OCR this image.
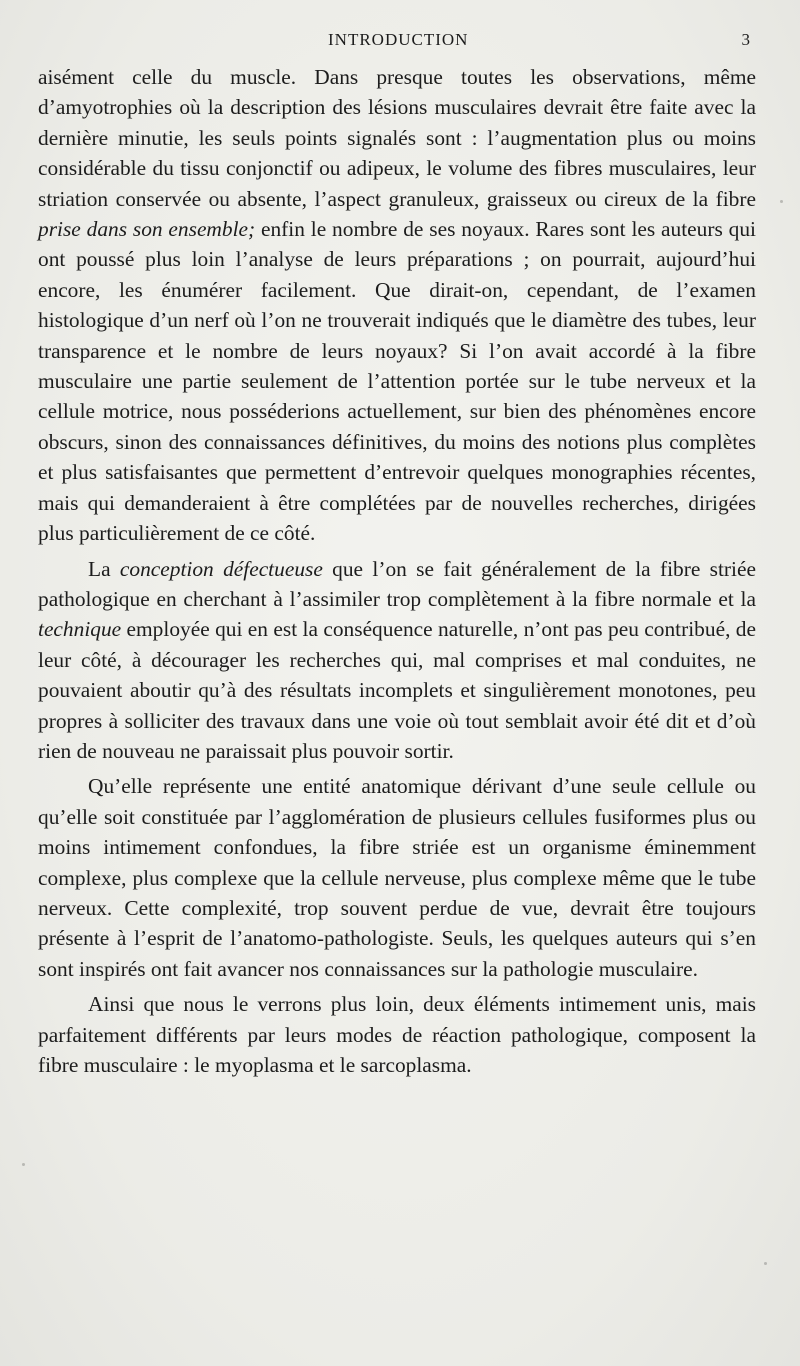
INTRODUCTION	3

aisément celle du muscle. Dans presque toutes les observations, même d’amyotrophies où la description des lésions musculaires devrait être faite avec la dernière minutie, les seuls points signalés sont : l’augmentation plus ou moins considérable du tissu conjonctif ou adipeux, le volume des fibres musculaires, leur striation conservée ou absente, l’aspect granuleux, graisseux ou cireux de la fibre prise dans son ensemble; enfin le nombre de ses noyaux. Rares sont les auteurs qui ont poussé plus loin l’analyse de leurs préparations ; on pourrait, aujourd’hui encore, les énumérer facilement. Que dirait-on, cependant, de l’examen histologique d’un nerf où l’on ne trouverait indiqués que le diamètre des tubes, leur transparence et le nombre de leurs noyaux? Si l’on avait accordé à la fibre musculaire une partie seulement de l’attention portée sur le tube nerveux et la cellule motrice, nous posséderions actuellement, sur bien des phénomènes encore obscurs, sinon des connaissances définitives, du moins des notions plus complètes et plus satisfaisantes que permettent d’entrevoir quelques monographies récentes, mais qui demanderaient à être complétées par de nouvelles recherches, dirigées plus particulièrement de ce côté.

La conception défectueuse que l’on se fait généralement de la fibre striée pathologique en cherchant à l’assimiler trop complètement à la fibre normale et la technique employée qui en est la conséquence naturelle, n’ont pas peu contribué, de leur côté, à décourager les recherches qui, mal comprises et mal conduites, ne pouvaient aboutir qu’à des résultats incomplets et singulièrement monotones, peu propres à solliciter des travaux dans une voie où tout semblait avoir été dit et d’où rien de nouveau ne paraissait plus pouvoir sortir.

Qu’elle représente une entité anatomique dérivant d’une seule cellule ou qu’elle soit constituée par l’agglomération de plusieurs cellules fusiformes plus ou moins intimement confondues, la fibre striée est un organisme éminemment complexe, plus complexe que la cellule nerveuse, plus complexe même que le tube nerveux. Cette complexité, trop souvent perdue de vue, devrait être toujours présente à l’esprit de l’anatomo-pathologiste. Seuls, les quelques auteurs qui s’en sont inspirés ont fait avancer nos connaissances sur la pathologie musculaire.

Ainsi que nous le verrons plus loin, deux éléments intimement unis, mais parfaitement différents par leurs modes de réaction pathologique, composent la fibre musculaire : le myoplasma et le sarcoplasma.
